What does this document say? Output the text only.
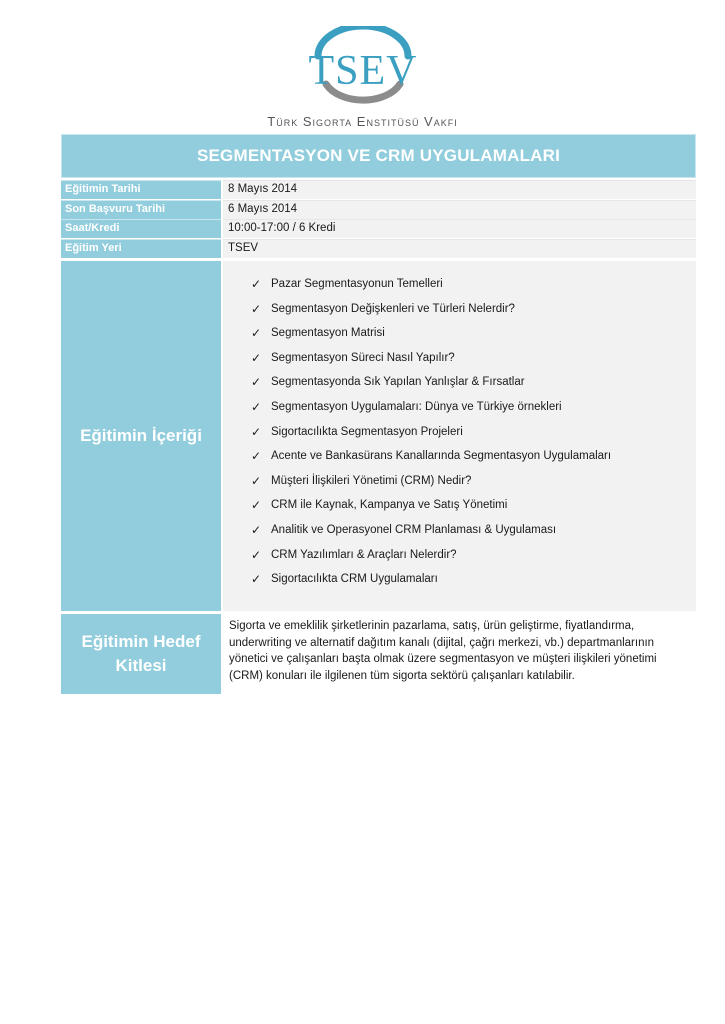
TSEV
Türk Sigorta Enstitüsü Vakfı
SEGMENTASYON VE CRM UYGULAMALARI
Eğitimin Tarihi	8 Mayıs 2014
Son Başvuru Tarihi	6 Mayıs 2014
Saat/Kredi	10:00-17:00 / 6 Kredi
Eğitim Yeri	TSEV
Eğitimin İçeriği
✓ Pazar Segmentasyonun Temelleri
✓ Segmentasyon Değişkenleri ve Türleri Nelerdir?
✓ Segmentasyon Matrisi
✓ Segmentasyon Süreci Nasıl Yapılır?
✓ Segmentasyonda Sık Yapılan Yanlışlar & Fırsatlar
✓ Segmentasyon Uygulamaları: Dünya ve Türkiye örnekleri
✓ Sigortacılıkta Segmentasyon Projeleri
✓ Acente ve Bankasürans Kanallarında Segmentasyon Uygulamaları
✓ Müşteri İlişkileri Yönetimi (CRM) Nedir?
✓ CRM ile Kaynak, Kampanya ve Satış Yönetimi
✓ Analitik ve Operasyonel CRM Planlaması & Uygulaması
✓ CRM Yazılımları & Araçları Nelerdir?
✓ Sigortacılıkta CRM Uygulamaları
Eğitimin Hedef Kitlesi
Sigorta ve emeklilik şirketlerinin pazarlama, satış, ürün geliştirme, fiyatlandırma, underwriting ve alternatif dağıtım kanalı (dijital, çağrı merkezi, vb.) departmanlarının yönetici ve çalışanları başta olmak üzere segmentasyon ve müşteri ilişkileri yönetimi (CRM) konuları ile ilgilenen tüm sigorta sektörü çalışanları katılabilir.
